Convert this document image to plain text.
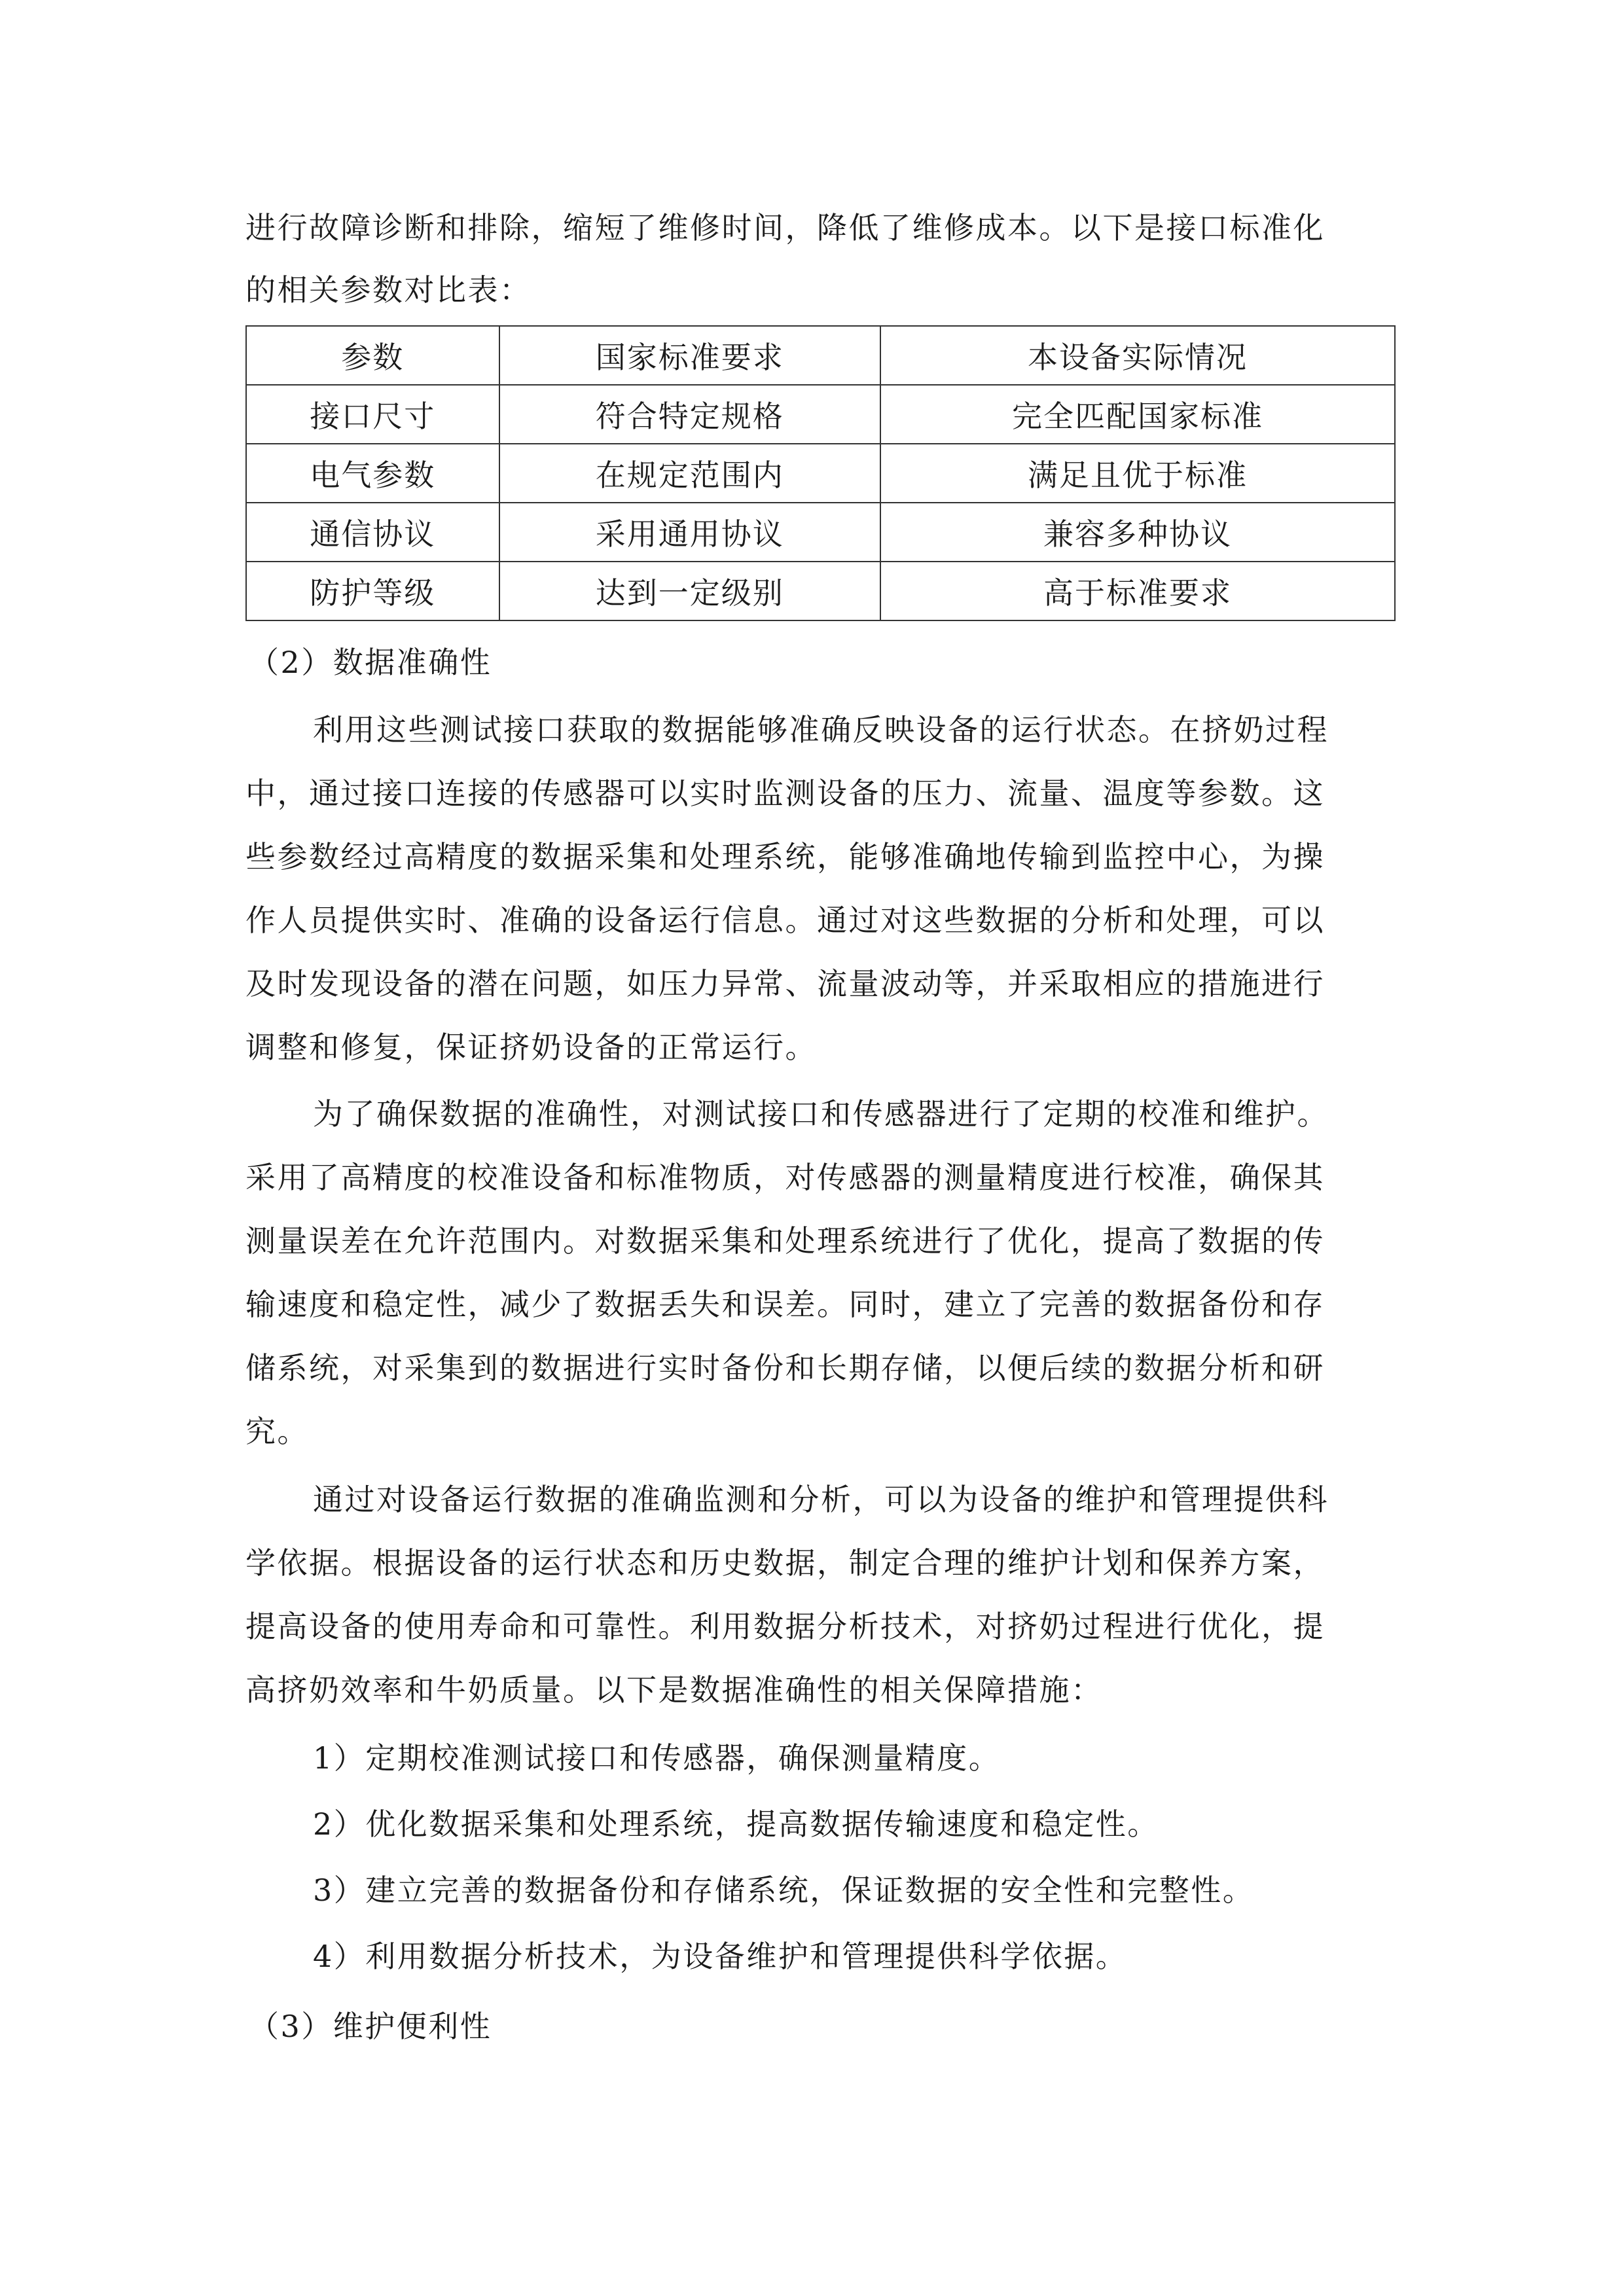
进行故障诊断和排除，缩短了维修时间，降低了维修成本。以下是接口标准化
的相关参数对比表：
参数	国家标准要求	本设备实际情况
接口尺寸	符合特定规格	完全匹配国家标准
电气参数	在规定范围内	满足且优于标准
通信协议	采用通用协议	兼容多种协议
防护等级	达到一定级别	高于标准要求
（2）数据准确性
利用这些测试接口获取的数据能够准确反映设备的运行状态。在挤奶过程
中，通过接口连接的传感器可以实时监测设备的压力、流量、温度等参数。这
些参数经过高精度的数据采集和处理系统，能够准确地传输到监控中心，为操
作人员提供实时、准确的设备运行信息。通过对这些数据的分析和处理，可以
及时发现设备的潜在问题，如压力异常、流量波动等，并采取相应的措施进行
调整和修复，保证挤奶设备的正常运行。
为了确保数据的准确性，对测试接口和传感器进行了定期的校准和维护。
采用了高精度的校准设备和标准物质，对传感器的测量精度进行校准，确保其
测量误差在允许范围内。对数据采集和处理系统进行了优化，提高了数据的传
输速度和稳定性，减少了数据丢失和误差。同时，建立了完善的数据备份和存
储系统，对采集到的数据进行实时备份和长期存储，以便后续的数据分析和研
究。
通过对设备运行数据的准确监测和分析，可以为设备的维护和管理提供科
学依据。根据设备的运行状态和历史数据，制定合理的维护计划和保养方案，
提高设备的使用寿命和可靠性。利用数据分析技术，对挤奶过程进行优化，提
高挤奶效率和牛奶质量。以下是数据准确性的相关保障措施：
1）定期校准测试接口和传感器，确保测量精度。
2）优化数据采集和处理系统，提高数据传输速度和稳定性。
3）建立完善的数据备份和存储系统，保证数据的安全性和完整性。
4）利用数据分析技术，为设备维护和管理提供科学依据。
（3）维护便利性
